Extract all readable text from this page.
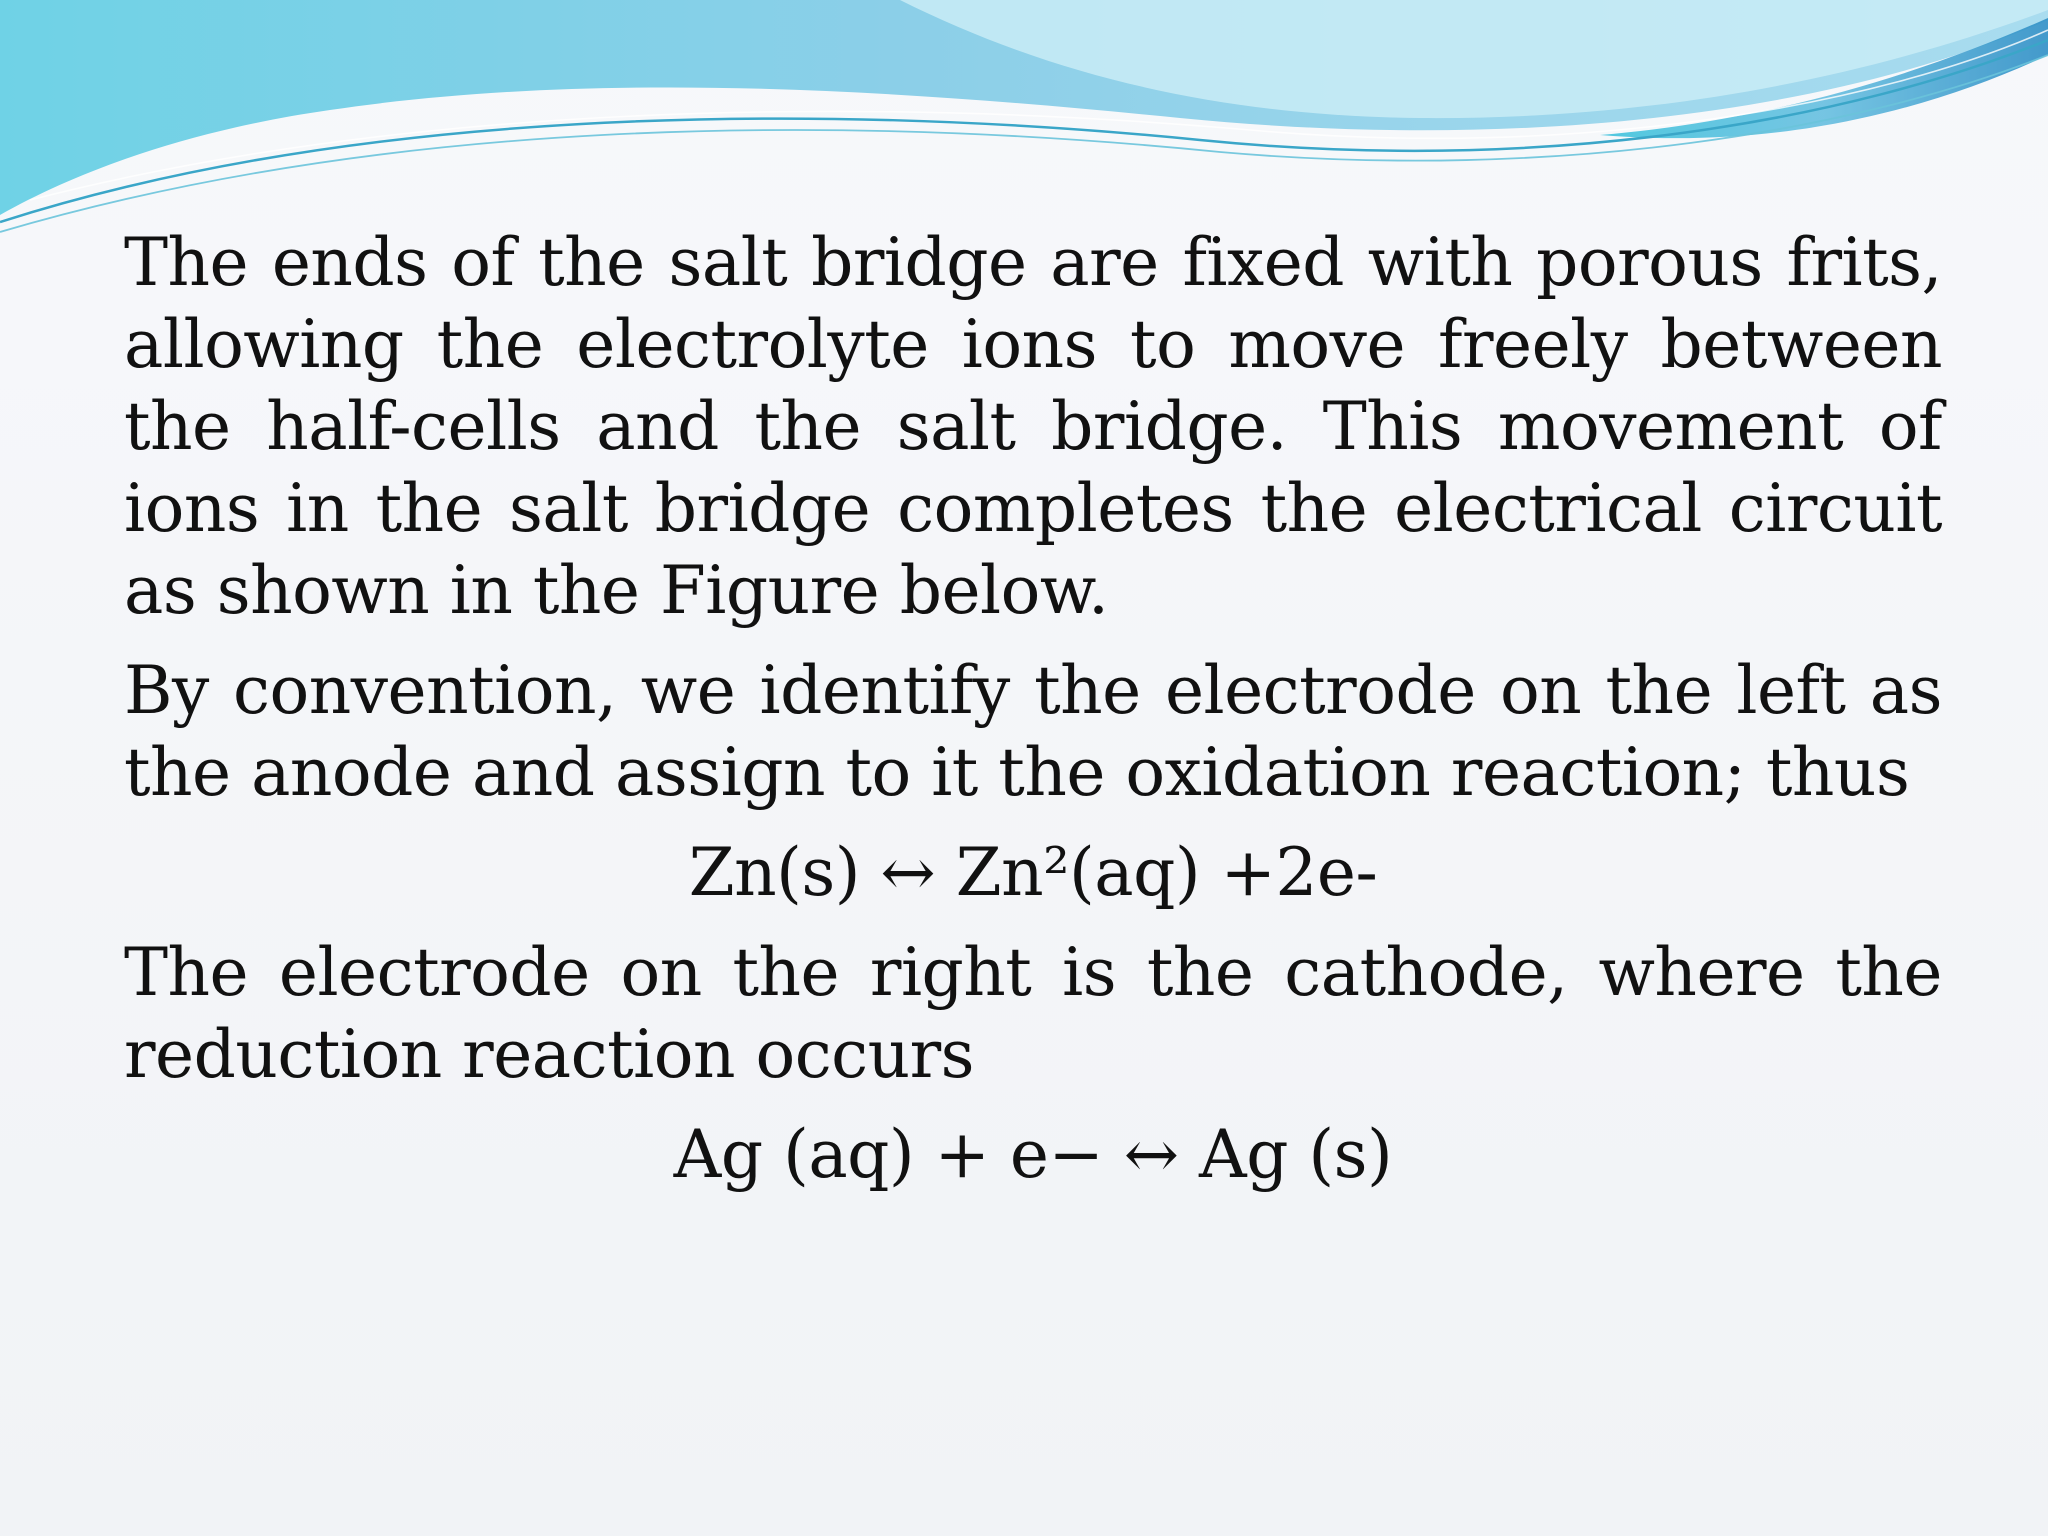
The ends of the salt bridge are fixed with porous frits, allowing the electrolyte ions to move freely between the half-cells and the salt bridge. This movement of ions in the salt bridge completes the electrical circuit as shown in the Figure below.

By convention, we identify the electrode on the left as the anode and assign to it the oxidation reaction; thus

Zn(s) ↔ Zn²(aq) +2e-

The electrode on the right is the cathode, where the reduction reaction occurs

Ag (aq) + e− ↔ Ag (s)
